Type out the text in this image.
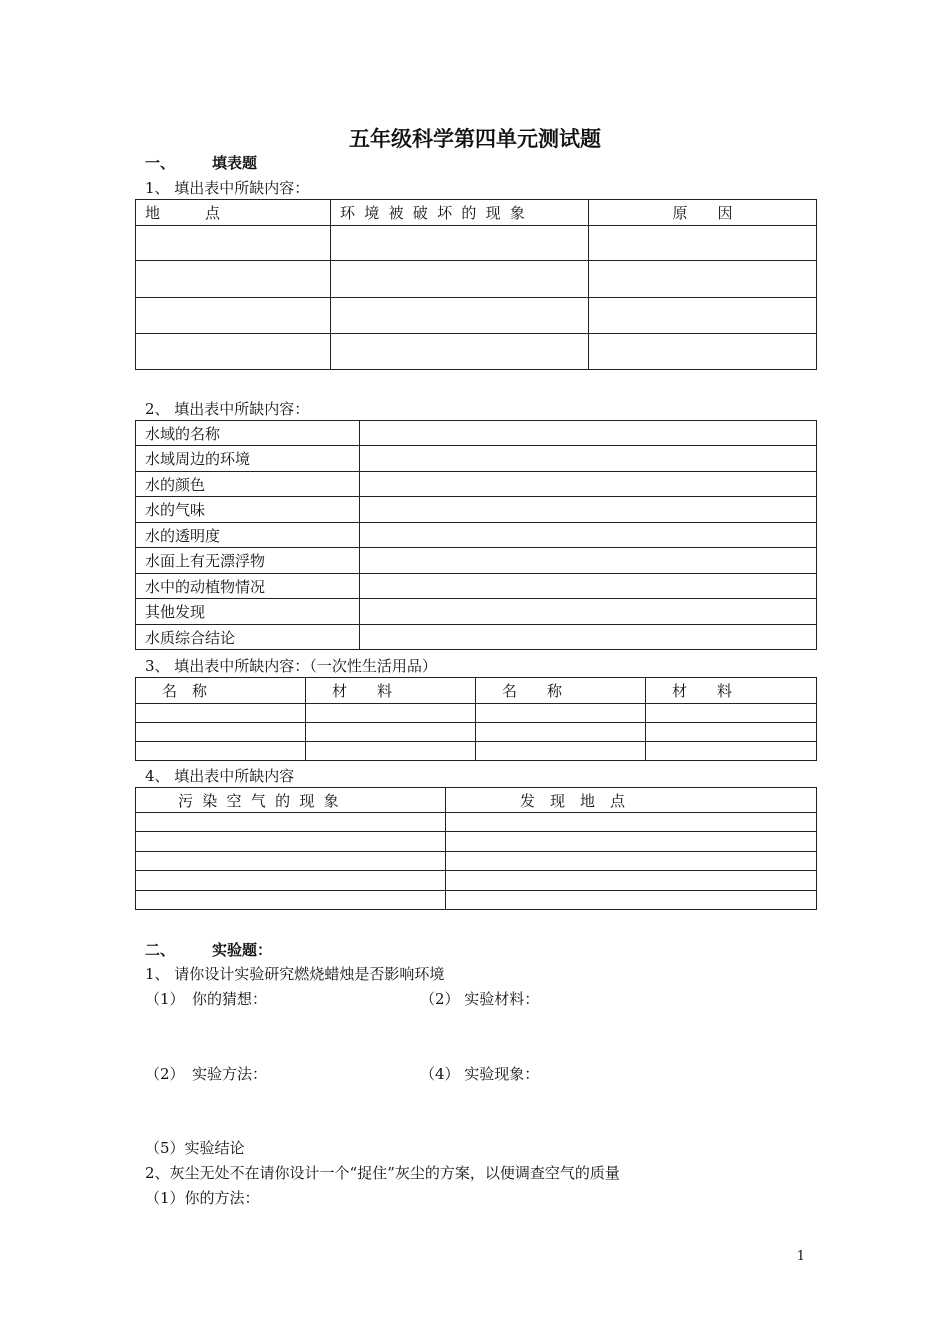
五年级科学第四单元测试题
一、 填表题
1、 填出表中所缺内容：
地　　　点	环 境 被 破 坏 的 现 象	原　　因

2、 填出表中所缺内容：
水域的名称	
水域周边的环境	
水的颜色	
水的气味	
水的透明度	
水面上有无漂浮物	
水中的动植物情况	
其他发现	
水质综合结论	
3、 填出表中所缺内容：（一次性生活用品）
名　称	材　　料	名　　称	材　　料

4、 填出表中所缺内容
污 染 空 气 的 现 象	发　现　地　点

二、 实验题：
1、 请你设计实验研究燃烧蜡烛是否影响环境
（1）　你的猜想：	（2） 实验材料：
（2）　实验方法：	（4） 实验现象：
（5）实验结论
2、灰尘无处不在请你设计一个“捉住”灰尘的方案，以便调查空气的质量
（1）你的方法：
1
